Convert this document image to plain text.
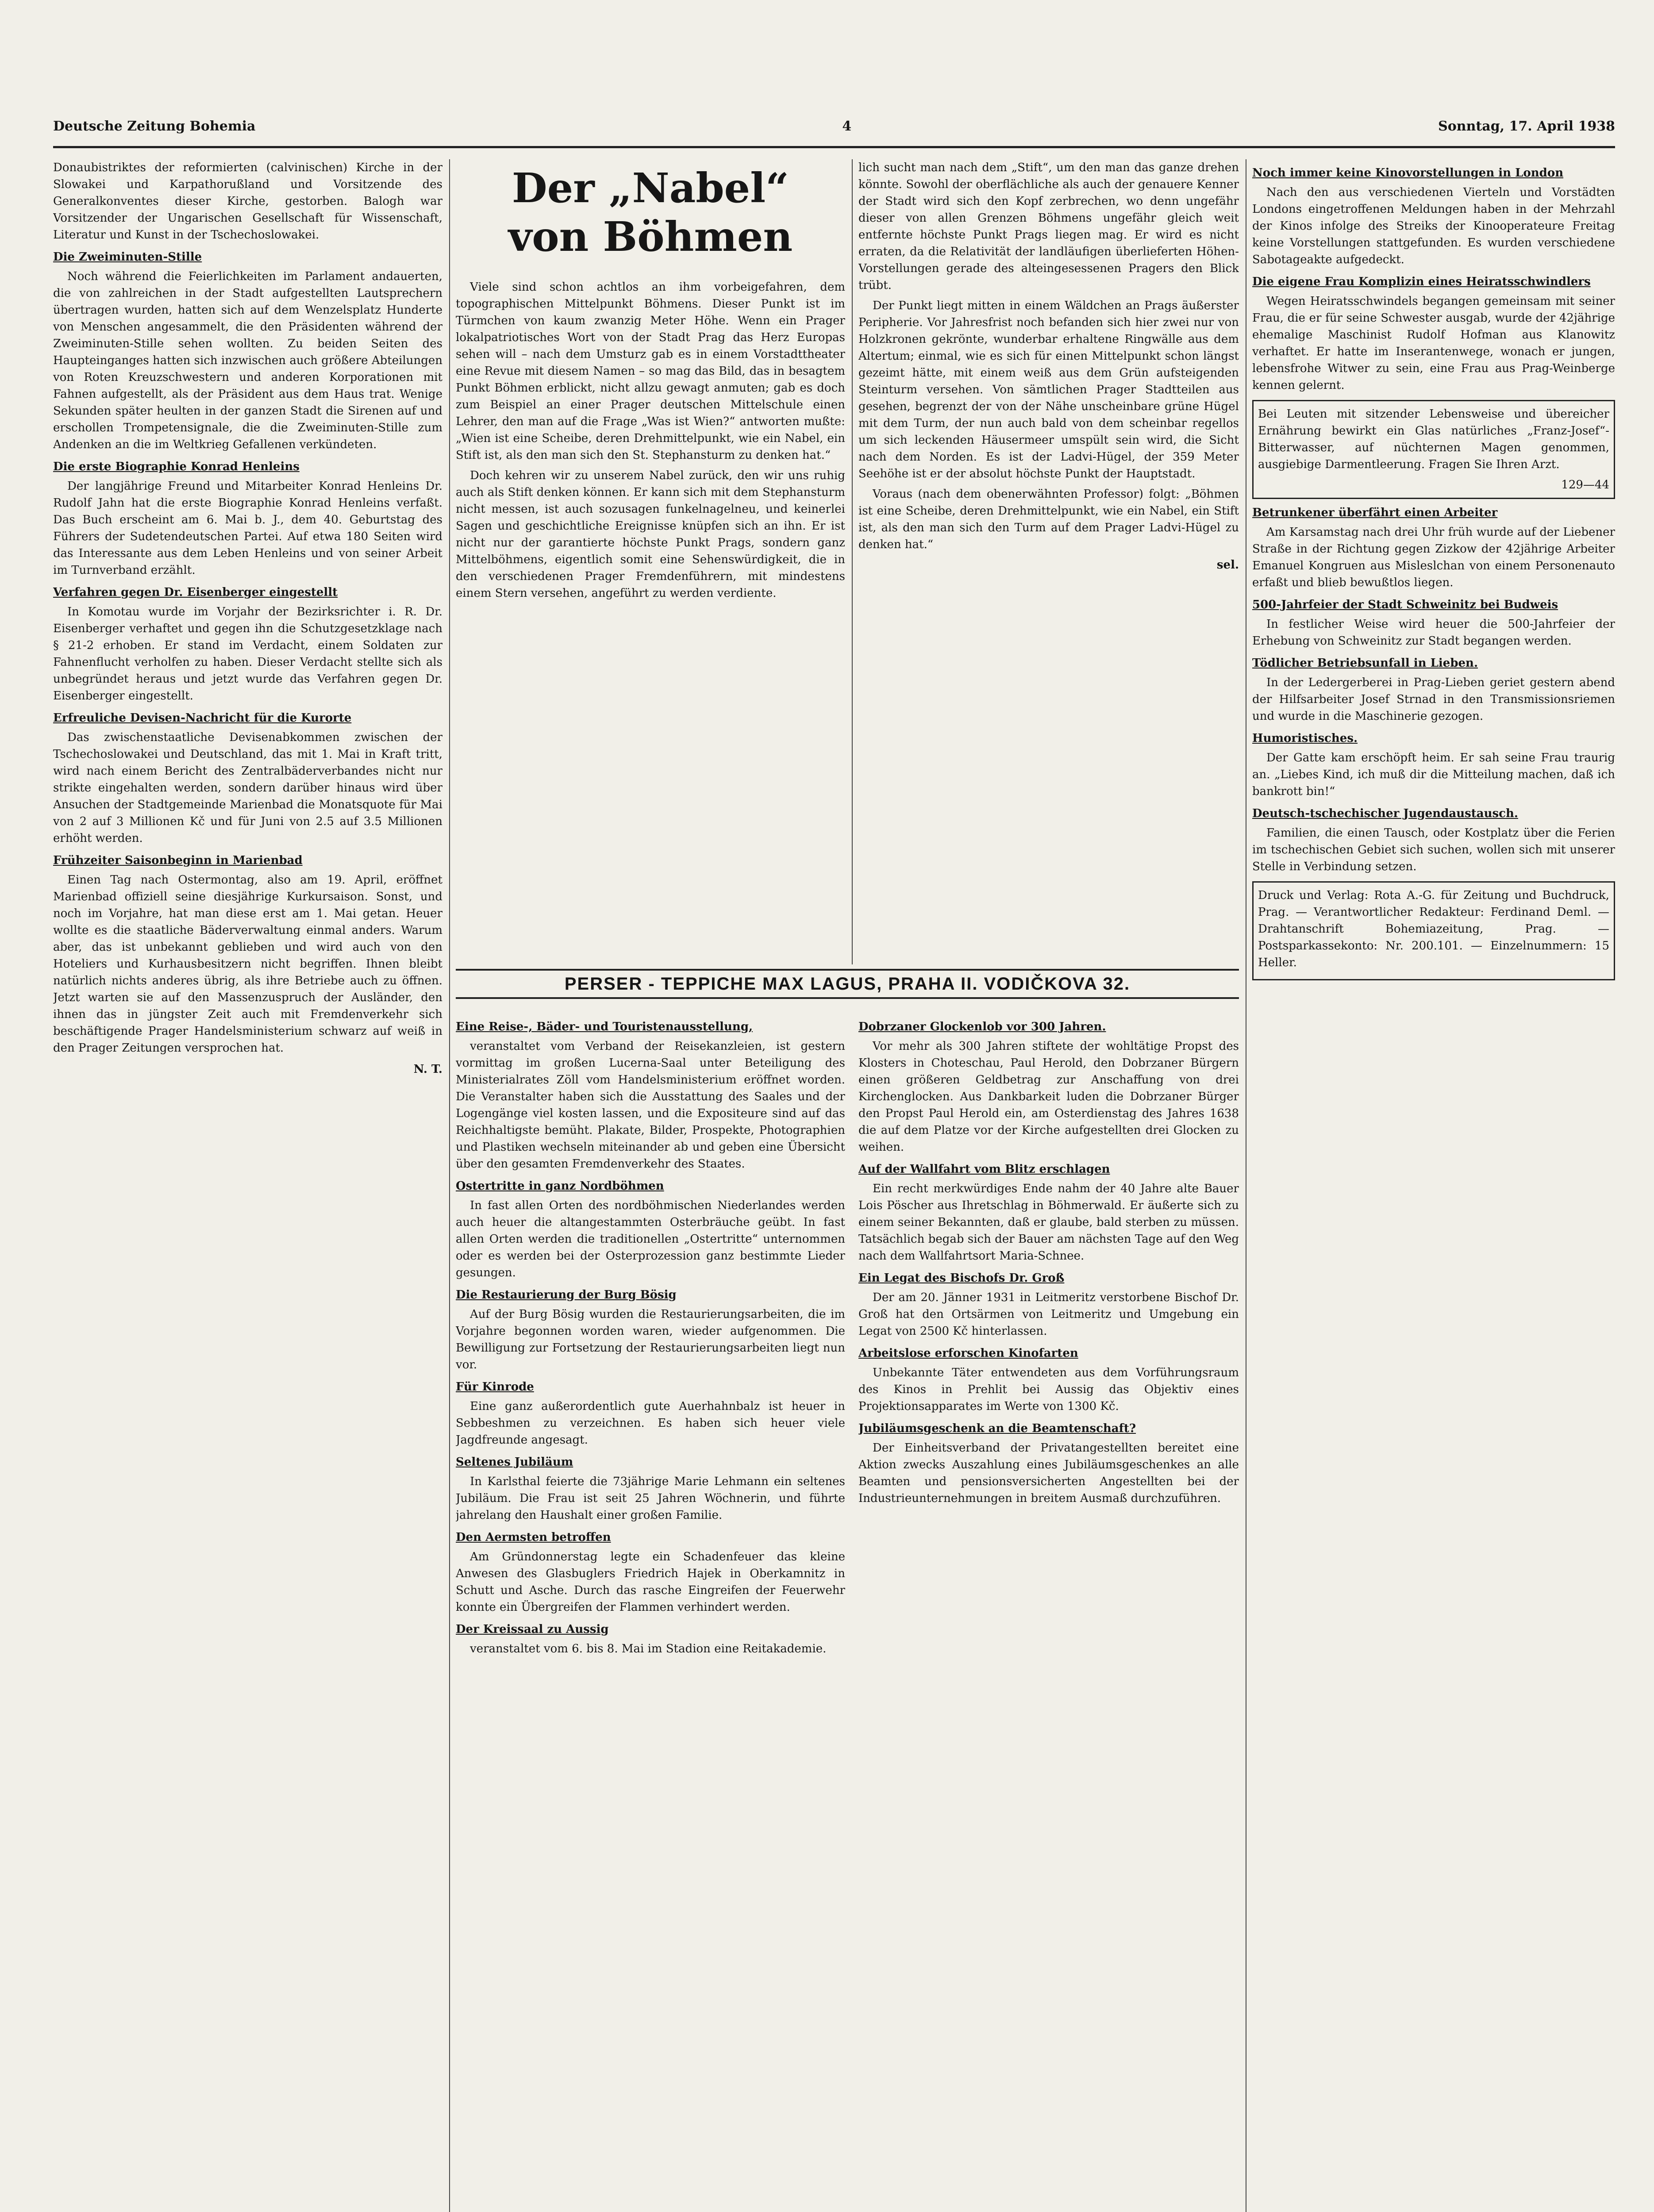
Deutsche Zeitung Bohemia	4	Sonntag, 17. April 1938

Donaubistriktes der reformierten (calvinischen) Kirche in der Slowakei und Karpathorußland und Vorsitzende des Generalkonventes dieser Kirche, gestorben. Balogh war Vorsitzender der Ungarischen Gesellschaft für Wissenschaft, Literatur und Kunst in der Tschechoslowakei.

Die Zweiminuten-Stille

Noch während die Feierlichkeiten im Parlament andauerten, die von zahlreichen in der Stadt aufgestellten Lautsprechern übertragen wurden, hatten sich auf dem Wenzelsplatz Hunderte von Menschen angesammelt, die den Präsidenten während der Zweiminuten-Stille sehen wollten. Zu beiden Seiten des Haupteinganges hatten sich inzwischen auch größere Abteilungen von Roten Kreuzschwestern und anderen Korporationen mit Fahnen aufgestellt, als der Präsident aus dem Haus trat. Wenige Sekunden später heulten in der ganzen Stadt die Sirenen auf und erschollen Trompetensignale, die die Zweiminuten-Stille zum Andenken an die im Weltkrieg Gefallenen verkündeten.

Die erste Biographie Konrad Henleins

Der langjährige Freund und Mitarbeiter Konrad Henleins Dr. Rudolf Jahn hat die erste Biographie Konrad Henleins verfaßt. Das Buch erscheint am 6. Mai b. J., dem 40. Geburtstag des Führers der Sudetendeutschen Partei. Auf etwa 180 Seiten wird das Interessante aus dem Leben Henleins und von seiner Arbeit im Turnverband erzählt.

Verfahren gegen Dr. Eisenberger eingestellt

In Komotau wurde im Vorjahr der Bezirksrichter i. R. Dr. Eisenberger verhaftet und gegen ihn die Schutzgesetzklage nach § 21-2 erhoben. Er stand im Verdacht, einem Soldaten zur Fahnenflucht verholfen zu haben. Dieser Verdacht stellte sich als unbegründet heraus und jetzt wurde das Verfahren gegen Dr. Eisenberger eingestellt.

Erfreuliche Devisen-Nachricht für die Kurorte

Das zwischenstaatliche Devisenabkommen zwischen der Tschechoslowakei und Deutschland, das mit 1. Mai in Kraft tritt, wird nach einem Bericht des Zentralbäderverbandes nicht nur strikte eingehalten werden, sondern darüber hinaus wird über Ansuchen der Stadtgemeinde Marienbad die Monatsquote für Mai von 2 auf 3 Millionen Kč und für Juni von 2.5 auf 3.5 Millionen erhöht werden.

Frühzeiter Saisonbeginn in Marienbad

Einen Tag nach Ostermontag, also am 19. April, eröffnet Marienbad offiziell seine diesjährige Kurkursaison. Sonst, und noch im Vorjahre, hat man diese erst am 1. Mai getan. Heuer wollte es die staatliche Bäderverwaltung einmal anders. Warum aber, das ist unbekannt geblieben und wird auch von den Hoteliers und Kurhausbesitzern nicht begriffen. Ihnen bleibt natürlich nichts anderes übrig, als ihre Betriebe auch zu öffnen. Jetzt warten sie auf den Massenzuspruch der Ausländer, den ihnen das in jüngster Zeit auch mit Fremdenverkehr sich beschäftigende Prager Handelsministerium schwarz auf weiß in den Prager Zeitungen versprochen hat.

N. T.
Der „Nabel“
von Böhmen

Viele sind schon achtlos an ihm vorbeigefahren, dem topographischen Mittelpunkt Böhmens. Dieser Punkt ist im Türmchen von kaum zwanzig Meter Höhe. Wenn ein Prager lokalpatriotisches Wort von der Stadt Prag das Herz Europas sehen will – nach dem Umsturz gab es in einem Vorstadttheater eine Revue mit diesem Namen – so mag das Bild, das in besagtem Punkt Böhmen erblickt, nicht allzu gewagt anmuten; gab es doch zum Beispiel an einer Prager deutschen Mittelschule einen Lehrer, den man auf die Frage „Was ist Wien?“ antworten mußte: „Wien ist eine Scheibe, deren Drehmittelpunkt, wie ein Nabel, ein Stift ist, als den man sich den St. Stephansturm zu denken hat.“

Doch kehren wir zu unserem Nabel zurück, den wir uns ruhig auch als Stift denken können. Er kann sich mit dem Stephansturm nicht messen, ist auch sozusagen funkelnagelneu, und keinerlei Sagen und geschichtliche Ereignisse knüpfen sich an ihn. Er ist nicht nur der garantierte höchste Punkt Prags, sondern ganz Mittelböhmens, eigentlich somit eine Sehenswürdigkeit, die in den verschiedenen Prager Fremdenführern, mit mindestens einem Stern versehen, angeführt zu werden verdiente.

lich sucht man nach dem „Stift“, um den man das ganze drehen könnte. Sowohl der oberflächliche als auch der genauere Kenner der Stadt wird sich den Kopf zerbrechen, wo denn ungefähr dieser von allen Grenzen Böhmens ungefähr gleich weit entfernte höchste Punkt Prags liegen mag. Er wird es nicht erraten, da die Relativität der landläufigen überlieferten Höhen-Vorstellungen gerade des alteingesessenen Pragers den Blick trübt.

Der Punkt liegt mitten in einem Wäldchen an Prags äußerster Peripherie. Vor Jahresfrist noch befanden sich hier zwei nur von Holzkronen gekrönte, wunderbar erhaltene Ringwälle aus dem Altertum; einmal, wie es sich für einen Mittelpunkt schon längst gezeimt hätte, mit einem weiß aus dem Grün aufsteigenden Steinturm versehen. Von sämtlichen Prager Stadtteilen aus gesehen, begrenzt der von der Nähe unscheinbare grüne Hügel mit dem Turm, der nun auch bald von dem scheinbar regellos um sich leckenden Häusermeer umspült sein wird, die Sicht nach dem Norden. Es ist der Ladvi-Hügel, der 359 Meter Seehöhe ist er der absolut höchste Punkt der Hauptstadt.

Voraus (nach dem obenerwähnten Professor) folgt: „Böhmen ist eine Scheibe, deren Drehmittelpunkt, wie ein Nabel, ein Stift ist, als den man sich den Turm auf dem Prager Ladvi-Hügel zu denken hat.“

sel.
PERSER - TEPPICHE MAX LAGUS, PRAHA II. VODIČKOVA 32.
Eine Reise-, Bäder- und Touristenausstellung,

veranstaltet vom Verband der Reisekanzleien, ist gestern vormittag im großen Lucerna-Saal unter Beteiligung des Ministerialrates Zöll vom Handelsministerium eröffnet worden. Die Veranstalter haben sich die Ausstattung des Saales und der Logengänge viel kosten lassen, und die Expositeure sind auf das Reichhaltigste bemüht. Plakate, Bilder, Prospekte, Photographien und Plastiken wechseln miteinander ab und geben eine Übersicht über den gesamten Fremdenverkehr des Staates.

Ostertritte in ganz Nordböhmen

In fast allen Orten des nordböhmischen Niederlandes werden auch heuer die altangestammten Osterbräuche geübt. In fast allen Orten werden die traditionellen „Ostertritte“ unternommen oder es werden bei der Osterprozession ganz bestimmte Lieder gesungen.

Die Restaurierung der Burg Bösig

Auf der Burg Bösig wurden die Restaurierungsarbeiten, die im Vorjahre begonnen worden waren, wieder aufgenommen. Die Bewilligung zur Fortsetzung der Restaurierungsarbeiten liegt nun vor.

Für Kinrode

Eine ganz außerordentlich gute Auerhahnbalz ist heuer in Sebbeshmen zu verzeichnen. Es haben sich heuer viele Jagdfreunde angesagt.

Seltenes Jubiläum

In Karlsthal feierte die 73jährige Marie Lehmann ein seltenes Jubiläum. Die Frau ist seit 25 Jahren Wöchnerin, und führte jahrelang den Haushalt einer großen Familie.

Den Aermsten betroffen

Am Gründonnerstag legte ein Schadenfeuer das kleine Anwesen des Glasbuglers Friedrich Hajek in Oberkamnitz in Schutt und Asche. Durch das rasche Eingreifen der Feuerwehr konnte ein Übergreifen der Flammen verhindert werden.

Der Kreissaal zu Aussig

veranstaltet vom 6. bis 8. Mai im Stadion eine Reitakademie.

Dobrzaner Glockenlob vor 300 Jahren.

Vor mehr als 300 Jahren stiftete der wohltätige Propst des Klosters in Choteschau, Paul Herold, den Dobrzaner Bürgern einen größeren Geldbetrag zur Anschaffung von drei Kirchenglocken. Aus Dankbarkeit luden die Dobrzaner Bürger den Propst Paul Herold ein, am Osterdienstag des Jahres 1638 die auf dem Platze vor der Kirche aufgestellten drei Glocken zu weihen.

Auf der Wallfahrt vom Blitz erschlagen

Ein recht merkwürdiges Ende nahm der 40 Jahre alte Bauer Lois Pöscher aus Ihretschlag in Böhmerwald. Er äußerte sich zu einem seiner Bekannten, daß er glaube, bald sterben zu müssen. Tatsächlich begab sich der Bauer am nächsten Tage auf den Weg nach dem Wallfahrtsort Maria-Schnee.

Ein Legat des Bischofs Dr. Groß

Der am 20. Jänner 1931 in Leitmeritz verstorbene Bischof Dr. Groß hat den Ortsärmen von Leitmeritz und Umgebung ein Legat von 2500 Kč hinterlassen.

Arbeitslose erforschen Kinofarten

Unbekannte Täter entwendeten aus dem Vorführungsraum des Kinos in Prehlit bei Aussig das Objektiv eines Projektionsapparates im Werte von 1300 Kč.

Jubiläumsgeschenk an die Beamtenschaft?

Der Einheitsverband der Privatangestellten bereitet eine Aktion zwecks Auszahlung eines Jubiläumsgeschenkes an alle Beamten und pensionsversicherten Angestellten bei der Industrieunternehmungen in breitem Ausmaß durchzuführen.

Noch immer keine Kinovorstellungen in London

Nach den aus verschiedenen Vierteln und Vorstädten Londons eingetroffenen Meldungen haben in der Mehrzahl der Kinos infolge des Streiks der Kinooperateure Freitag keine Vorstellungen stattgefunden. Es wurden verschiedene Sabotageakte aufgedeckt.

Die eigene Frau Komplizin eines Heiratsschwindlers

Wegen Heiratsschwindels begangen gemeinsam mit seiner Frau, die er für seine Schwester ausgab, wurde der 42jährige ehemalige Maschinist Rudolf Hofman aus Klanowitz verhaftet. Er hatte im Inserantenwege, wonach er jungen, lebensfrohe Witwer zu sein, eine Frau aus Prag-Weinberge kennen gelernt.

Bei Leuten mit sitzender Lebensweise und übereicher Ernährung bewirkt ein Glas natürliches „Franz-Josef“-Bitterwasser, auf nüchternen Magen genommen, ausgiebige Darmentleerung. Fragen Sie Ihren Arzt.

129—44
Betrunkener überfährt einen Arbeiter

Am Karsamstag nach drei Uhr früh wurde auf der Liebener Straße in der Richtung gegen Zizkow der 42jährige Arbeiter Emanuel Kongruen aus Misleslchan von einem Personenauto erfaßt und blieb bewußtlos liegen.

500-Jahrfeier der Stadt Schweinitz bei Budweis

In festlicher Weise wird heuer die 500-Jahrfeier der Erhebung von Schweinitz zur Stadt begangen werden.

Tödlicher Betriebsunfall in Lieben.

In der Ledergerberei in Prag-Lieben geriet gestern abend der Hilfsarbeiter Josef Strnad in den Transmissionsriemen und wurde in die Maschinerie gezogen.

Humoristisches.

Der Gatte kam erschöpft heim. Er sah seine Frau traurig an. „Liebes Kind, ich muß dir die Mitteilung machen, daß ich bankrott bin!“

Deutsch-tschechischer Jugendaustausch.

Familien, die einen Tausch, oder Kostplatz über die Ferien im tschechischen Gebiet sich suchen, wollen sich mit unserer Stelle in Verbindung setzen.

Druck und Verlag: Rota A.-G. für Zeitung und Buchdruck, Prag. — Verantwortlicher Redakteur: Ferdinand Deml. — Drahtanschrift Bohemiazeitung, Prag. — Postsparkassekonto: Nr. 200.101. — Einzelnummern: 15 Heller.
